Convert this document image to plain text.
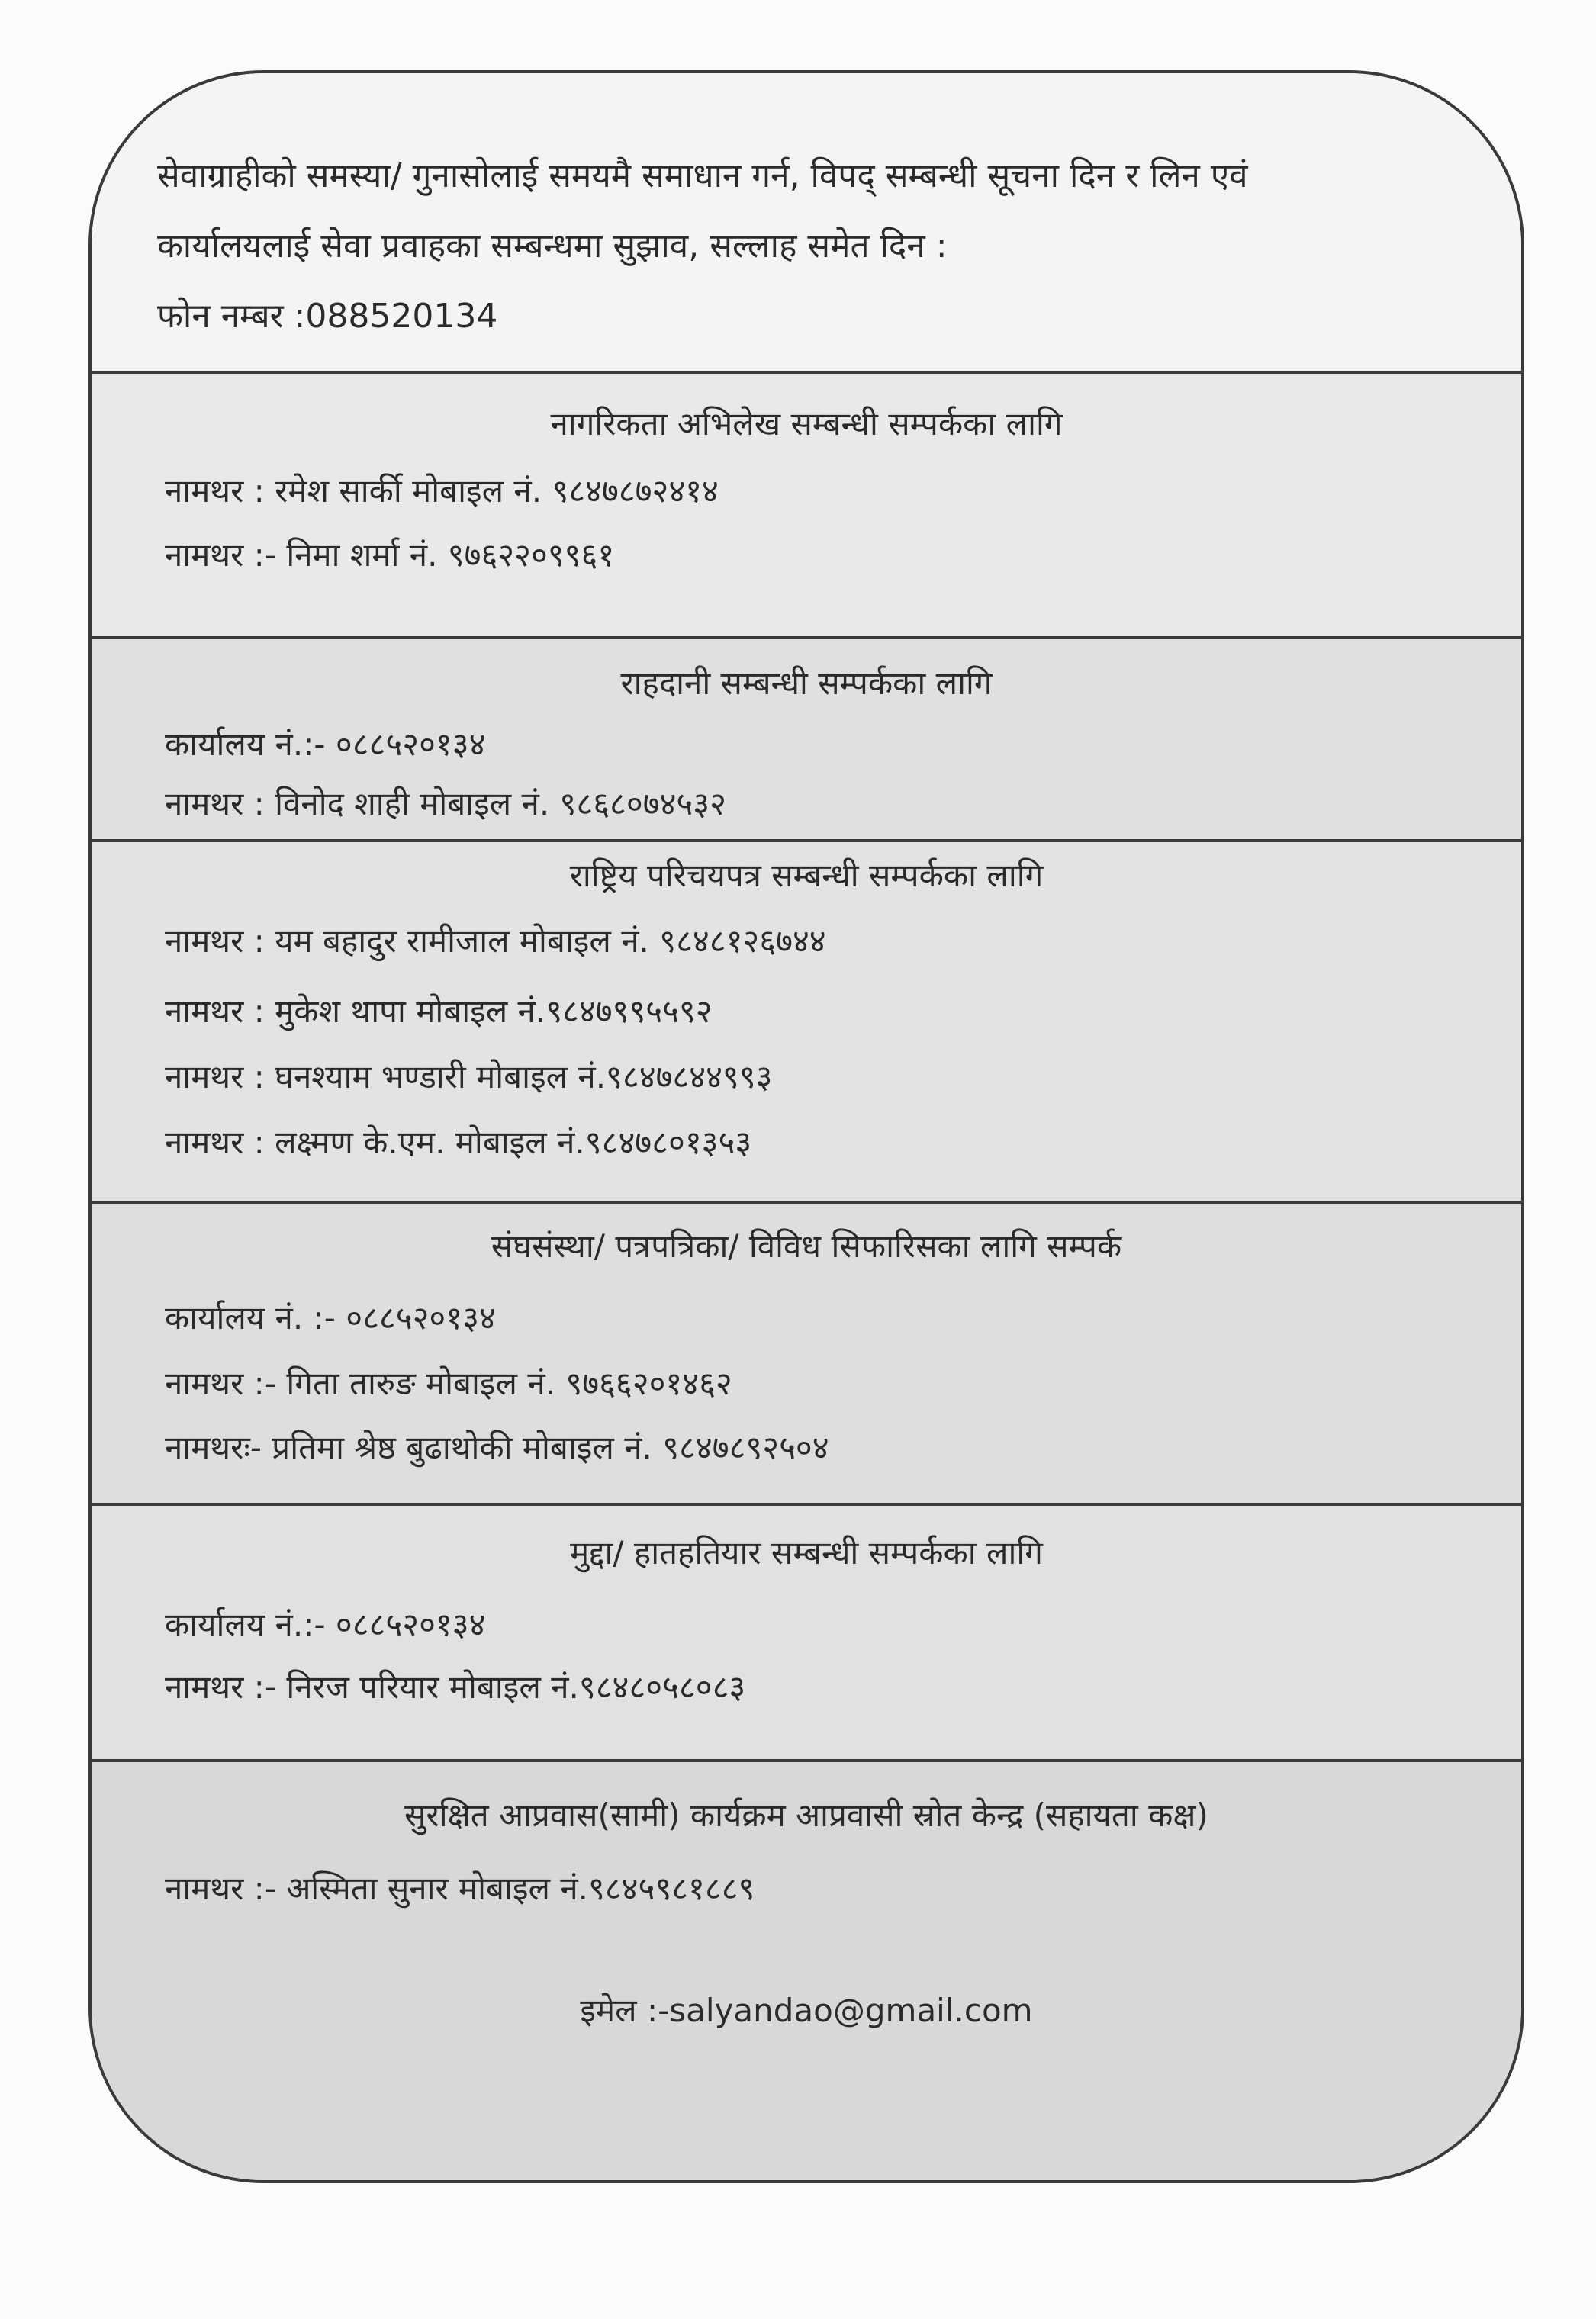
सेवाग्राहीको समस्या/ गुनासोलाई समयमै समाधान गर्न, विपद् सम्बन्धी सूचना दिन र लिन एवं
कार्यालयलाई सेवा प्रवाहका सम्बन्धमा सुझाव, सल्लाह समेत दिन :
फोन नम्बर :088520134
नागरिकता अभिलेख सम्बन्धी सम्पर्कका लागि
नामथर : रमेश सार्की मोबाइल नं. ९८४७८७२४१४
नामथर :- निमा शर्मा नं. ९७६२२०९९६१
राहदानी सम्बन्धी सम्पर्कका लागि
कार्यालय नं.:- ०८८५२०१३४
नामथर : विनोद शाही मोबाइल नं. ९८६८०७४५३२
राष्ट्रिय परिचयपत्र सम्बन्धी सम्पर्कका लागि
नामथर : यम बहादुर रामीजाल मोबाइल नं. ९८४८१२६७४४
नामथर : मुकेश थापा मोबाइल नं.९८४७९९५५९२
नामथर : घनश्याम भण्डारी मोबाइल नं.९८४७८४४९९३
नामथर : लक्ष्मण के.एम. मोबाइल नं.९८४७८०१३५३
संघसंस्था/ पत्रपत्रिका/ विविध सिफारिसका लागि सम्पर्क
कार्यालय नं. :- ०८८५२०१३४
नामथर :- गिता तारुङ मोबाइल नं. ९७६६२०१४६२
नामथरः- प्रतिमा श्रेष्ठ बुढाथोकी मोबाइल नं. ९८४७८९२५०४
मुद्दा/ हातहतियार सम्बन्धी सम्पर्कका लागि
कार्यालय नं.:- ०८८५२०१३४
नामथर :- निरज परियार मोबाइल नं.९८४८०५८०८३
सुरक्षित आप्रवास(सामी) कार्यक्रम आप्रवासी स्रोत केन्द्र (सहायता कक्ष)
नामथर :- अस्मिता सुनार मोबाइल नं.९८४५९८१८८९
इमेल :-salyandao@gmail.com
